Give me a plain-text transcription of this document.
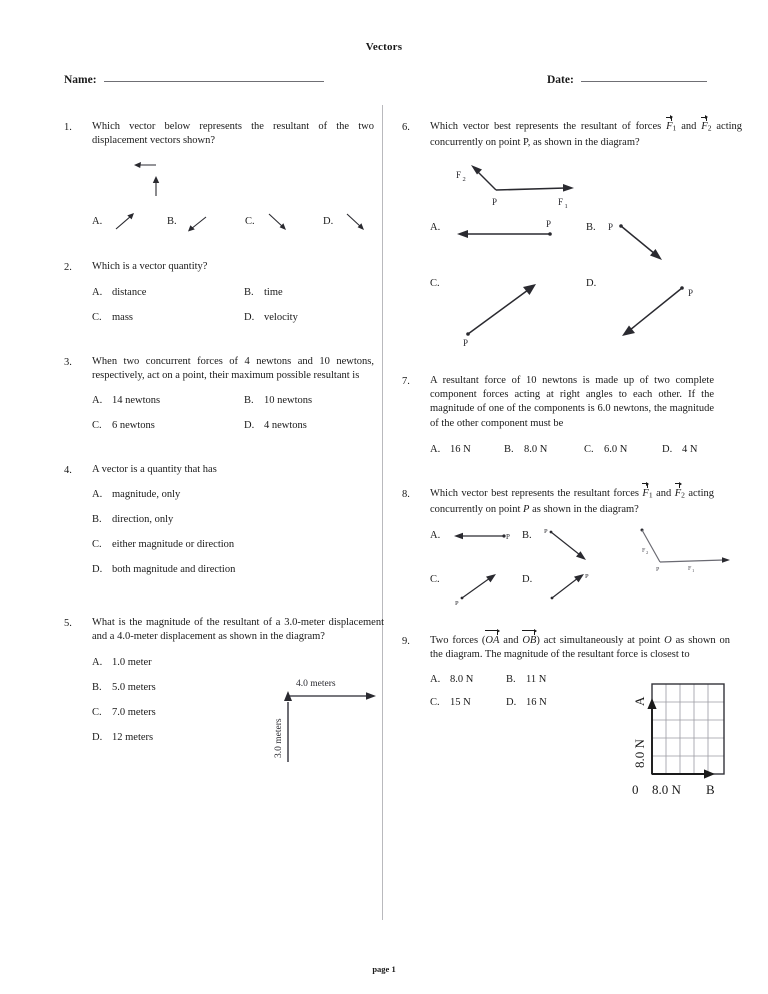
Vectors
Name:	Date:
1.	Which vector below represents the resultant of the two displacement vectors shown?

A.	B.	C.	D.
2.	Which is a vector quantity?

A. distance	B. time
C. mass	D. velocity
3.	When two concurrent forces of 4 newtons and 10 newtons, respectively, act on a point, their maximum possible resultant is

A. 14 newtons	B. 10 newtons
C. 6 newtons	D. 4 newtons
4.	A vector is a quantity that has

A. magnitude, only
B. direction, only
C. either magnitude or direction
D. both magnitude and direction
5.	What is the magnitude of the resultant of a 3.0-meter displacement and a 4.0-meter displacement as shown in the diagram?

A. 1.0 meter
B. 5.0 meters
C. 7.0 meters
D. 12 meters
4.0 meters
3.0 meters
6.	Which vector best represents the resultant of forces $F_1$ and $F_2$ acting concurrently on point P, as shown in the diagram?

F 2
P	F 1
A.	P	B.	P
C.
P
D.
P
7.	A resultant force of 10 newtons is made up of two complete component forces acting at right angles to each other. If the magnitude of one of the components is 6.0 newtons, the magnitude of the other component must be

A. 16 N	B. 8.0 N	C. 6.0 N	D. 4 N
8.	Which vector best represents the resultant forces $F_1$ and $F_2$ acting concurrently on point P as shown in the diagram?

A.	P B.	P
F 2
P	F 1
C.
P
D.	P
9.	Two forces (OA and OB) act simultaneously at point O as shown on the diagram. The magnitude of the resultant force is closest to

A. 8.0 N	B. 11 N
C. 15 N	D. 16 N
8.0 N
A
0 8.0 N B
page 1
